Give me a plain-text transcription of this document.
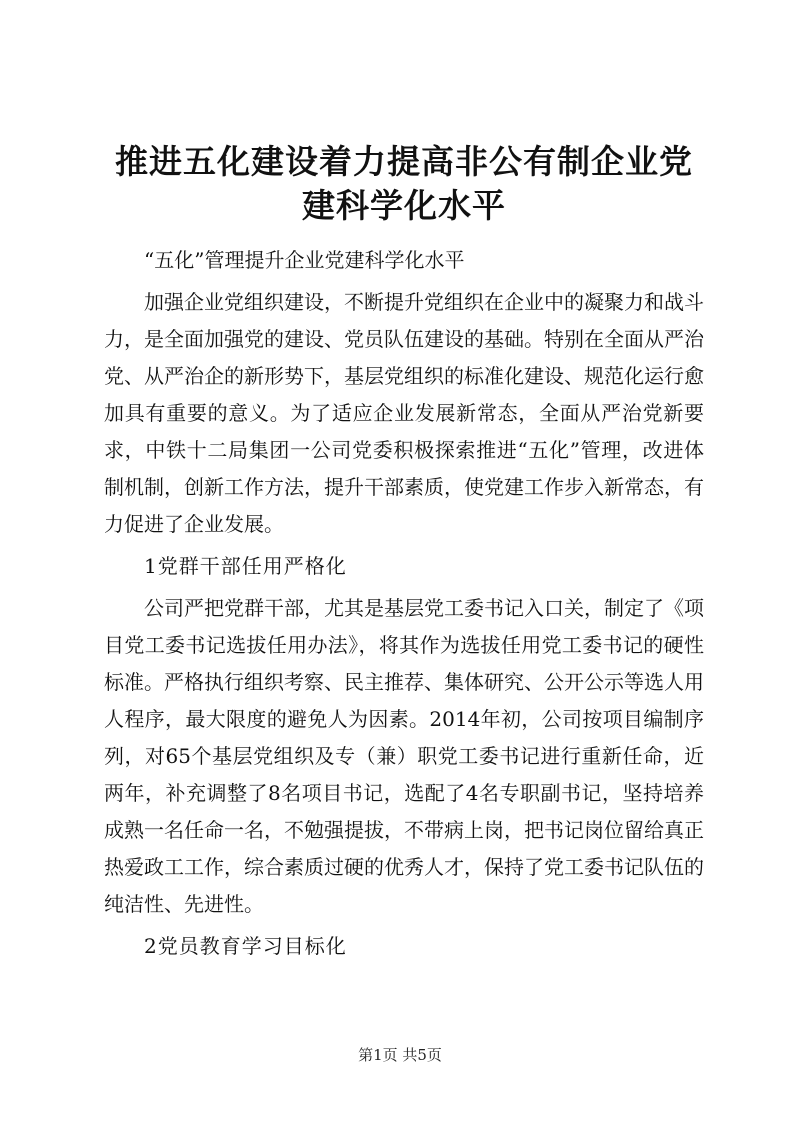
推进五化建设着力提高非公有制企业党建科学化水平

“五化”管理提升企业党建科学化水平

加强企业党组织建设，不断提升党组织在企业中的凝聚力和战斗力，是全面加强党的建设、党员队伍建设的基础。特别在全面从严治党、从严治企的新形势下，基层党组织的标准化建设、规范化运行愈加具有重要的意义。为了适应企业发展新常态，全面从严治党新要求，中铁十二局集团一公司党委积极探索推进“五化”管理，改进体制机制，创新工作方法，提升干部素质，使党建工作步入新常态，有力促进了企业发展。

1党群干部任用严格化

公司严把党群干部，尤其是基层党工委书记入口关，制定了《项目党工委书记选拔任用办法》，将其作为选拔任用党工委书记的硬性标准。严格执行组织考察、民主推荐、集体研究、公开公示等选人用人程序，最大限度的避免人为因素。2014年初，公司按项目编制序列，对65个基层党组织及专（兼）职党工委书记进行重新任命，近两年，补充调整了8名项目书记，选配了4名专职副书记，坚持培养成熟一名任命一名，不勉强提拔，不带病上岗，把书记岗位留给真正热爱政工工作，综合素质过硬的优秀人才，保持了党工委书记队伍的纯洁性、先进性。

2党员教育学习目标化

第1页 共5页
